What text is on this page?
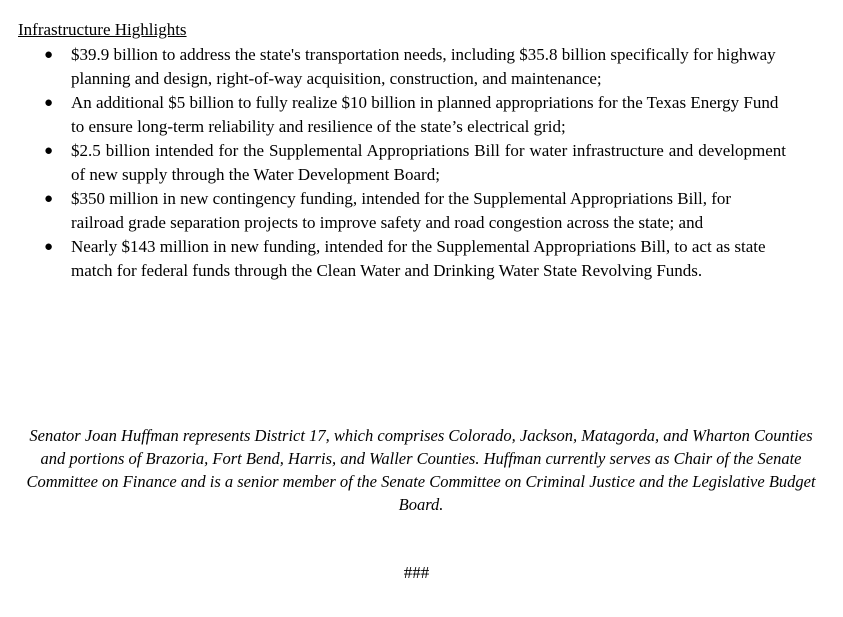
Infrastructure Highlights
● $39.9 billion to address the state's transportation needs, including $35.8 billion specifically for highway planning and design, right-of-way acquisition, construction, and maintenance;
● An additional $5 billion to fully realize $10 billion in planned appropriations for the Texas Energy Fund to ensure long-term reliability and resilience of the state’s electrical grid;
● $2.5 billion intended for the Supplemental Appropriations Bill for water infrastructure and development of new supply through the Water Development Board;
● $350 million in new contingency funding, intended for the Supplemental Appropriations Bill, for railroad grade separation projects to improve safety and road congestion across the state; and
● Nearly $143 million in new funding, intended for the Supplemental Appropriations Bill, to act as state match for federal funds through the Clean Water and Drinking Water State Revolving Funds.

Senator Joan Huffman represents District 17, which comprises Colorado, Jackson, Matagorda, and Wharton Counties and portions of Brazoria, Fort Bend, Harris, and Waller Counties. Huffman currently serves as Chair of the Senate Committee on Finance and is a senior member of the Senate Committee on Criminal Justice and the Legislative Budget Board.

###
